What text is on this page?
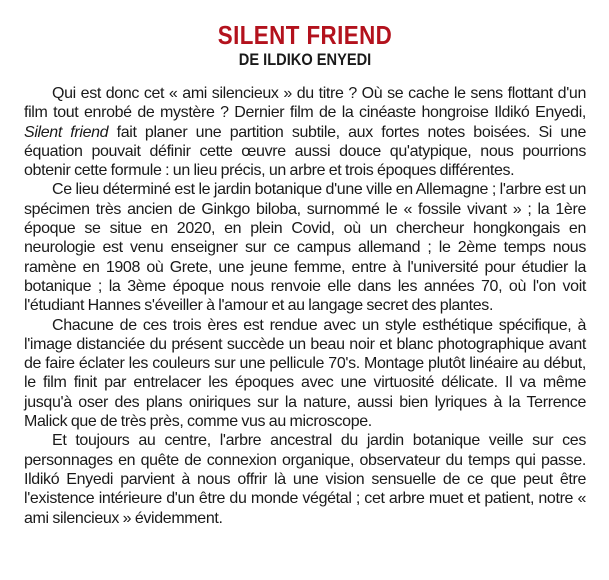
SILENT FRIEND
DE ILDIKO ENYEDI

Qui est donc cet « ami silencieux » du titre ? Où se cache le sens flottant d'un film tout enrobé de mystère ? Dernier film de la cinéaste hongroise Ildikó Enyedi, Silent friend fait planer une partition subtile, aux fortes notes boisées. Si une équation pouvait définir cette œuvre aussi douce qu'atypique, nous pourrions obtenir cette formule : un lieu précis, un arbre et trois époques différentes.

Ce lieu déterminé est le jardin botanique d'une ville en Allemagne ; l'arbre est un spécimen très ancien de Ginkgo biloba, surnommé le « fossile vivant » ; la 1ère époque se situe en 2020, en plein Covid, où un chercheur hongkongais en neurologie est venu enseigner sur ce campus allemand ; le 2ème temps nous ramène en 1908 où Grete, une jeune femme, entre à l'université pour étudier la botanique ; la 3ème époque nous renvoie elle dans les années 70, où l'on voit l'étudiant Hannes s'éveiller à l'amour et au langage secret des plantes.

Chacune de ces trois ères est rendue avec un style esthétique spécifique, à l'image distanciée du présent succède un beau noir et blanc photographique avant de faire éclater les couleurs sur une pellicule 70's. Montage plutôt linéaire au début, le film finit par entrelacer les époques avec une virtuosité délicate. Il va même jusqu'à oser des plans oniriques sur la nature, aussi bien lyriques à la Terrence Malick que de très près, comme vus au microscope.

Et toujours au centre, l'arbre ancestral du jardin botanique veille sur ces personnages en quête de connexion organique, observateur du temps qui passe. Ildikó Enyedi parvient à nous offrir là une vision sensuelle de ce que peut être l'existence intérieure d'un être du monde végétal ; cet arbre muet et patient, notre « ami silencieux » évidemment.
